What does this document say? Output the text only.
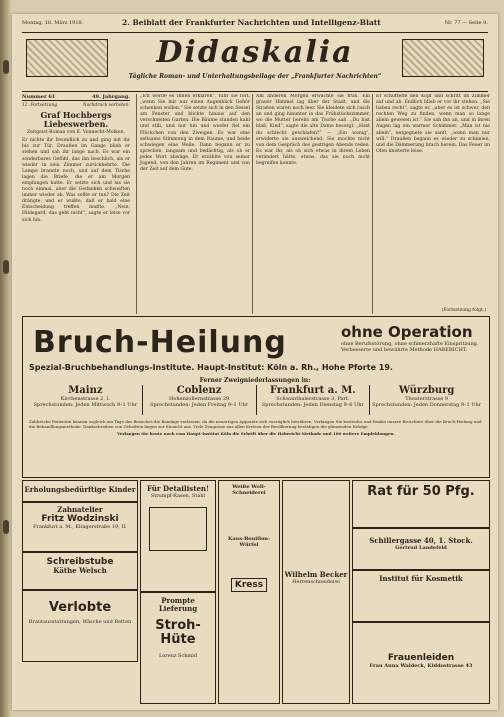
Montag, 18. März 1918.	2. Beiblatt der Frankfurter Nachrichten und Intelligenz-Blatt	Nr. 77 — Seite 9.
Didaskalia
Tägliche Roman- und Unterhaltungsbeilage der „Frankfurter Nachrichten“
Nummer 61	49. Jahrgang.
12. Fortsetzung	Nachdruck verboten.
Graf Hochbergs Liebeswerben.
Zeitgeist-Roman von E. Vonnecht-Molken.
Er nickte ihr freundlich zu und ging mit ihr bis zur Tür. Draußen im Gange blieb er stehen und sah ihr lange nach. Es war ein sonderbares Gefühl, das ihn beschlich, als er wieder in sein Zimmer zurückkehrte. Die Lampe brannte noch, und auf dem Tische lagen die Briefe, die er am Morgen empfangen hatte. Er setzte sich und las sie noch einmal, aber die Gedanken schweiften immer wieder ab. Was sollte er tun? Die Zeit drängte, und er wußte, daß er bald eine Entscheidung treffen mußte. „Nein, Hildegard, das geht nicht“, sagte er leise vor sich hin.
„Ich werde es Ihnen erklären“, fuhr sie fort, „wenn Sie mir nur einen Augenblick Gehör schenken wollen.“ Sie setzte sich in den Sessel am Fenster und blickte hinaus auf den verschneiten Garten. Die Bäume standen kahl und still, und nur hin und wieder fiel ein Flöckchen von den Zweigen. Es war eine seltsame Stimmung in dem Raume, und beide schwiegen eine Weile. Dann begann er zu sprechen, langsam und bedächtig, als ob er jedes Wort abwäge. Er erzählte von seiner Jugend, von den Jahren im Regiment und von der Zeit auf dem Gute.
Am anderen Morgen erwachte sie früh. Ein grauer Himmel lag über der Stadt, und die Straßen waren noch leer. Sie kleidete sich rasch an und ging hinunter in das Frühstückszimmer, wo die Mutter bereits am Tische saß. „Du bist blaß, Kind“, sagte die alte Dame besorgt. „Hast du schlecht geschlafen?“ — „Ein wenig“, erwiderte sie ausweichend. Sie mochte nicht von dem Gespräch des gestrigen Abends reden. Es war ihr, als ob sich etwas in ihrem Leben verändert hätte, etwas, das sie noch nicht begreifen konnte.
Er schüttelte den Kopf und schritt im Zimmer auf und ab. Endlich blieb er vor ihr stehen. „Sie haben recht“, sagte er, „aber es ist schwer, den rechten Weg zu finden, wenn man so lange allein gewesen ist.“ Sie sah ihn an, und in ihren Augen lag ein warmer Schimmer. „Man ist nie allein“, entgegnete sie sanft, „wenn man nur will.“ Draußen begann es wieder zu schneien, und die Dämmerung brach herein. Das Feuer im Ofen knisterte leise.
(Fortsetzung folgt.)
Bruch-Heilung	ohne Operation
ohne Berufsstörung, ohne schmerzhafte Einspritzung. Verbesserte und bewährte Methode HABERICHT.
Spezial-Bruchbehandlungs-Institute. Haupt-Institut: Köln a. Rh., Hohe Pforte 19.
Ferner Zweigniederlassungen in:
Mainz
Kirchenstrasse 2, I.
Sprechstunden: Jeden Mittwoch 9–1 Uhr
Coblenz
Hohenzollernstrasse 29
Sprechstunden: Jeden Freitag 9–1 Uhr
Frankfurt a. M.
Schwanthalerstrasse 3, Part.
Sprechstunden: Jeden Dienstag 9–6 Uhr
Würzburg
Theaterstrasse 9
Sprechstunden: Jeden Donnerstag 9–1 Uhr
Zahlreiche Patienten können sogleich am Tage des Besuches die Bandage verlassen, da die neuartigen Apparate sich vorzüglich bewähren. Verlangen Sie kostenlos und franko unsere Broschüre über die Bruch-Heilung und die Behandlungsmethode. Dankschreiben von Geheilten liegen zur Einsicht aus. Viele Zeugnisse aus allen Kreisen der Bevölkerung bestätigen die glänzenden Erfolge.
Verlangen Sie heute noch vom Haupt-Institut Köln die Schrift über die Habericht-Methode und 100 weitere Empfehlungen.
Erholungsbedürftige Kinder
Zahnatelier
Fritz Wodzinski
Frankfurt a. M., Klingerstraße 19, II.
Schreibstube
Käthe Welsch
Verlobte
Brautausstattungen, Wäsche und Betten
Für Detailisten!
Strumpf-Rasen, Stahl
Prompte Lieferung
Stroh-Hüte
Lorenz Schmid
Weiße Woll-Schneiderei
Kaus-Bouillon-Würfel
Kress
Wilhelm Becker
Herrenschneiderei
Rat für 50 Pfg.
Schillergasse 40, 1. Stock.
Gertrud Landefeld
Institut für Kosmetik
Frauenleiden
Frau Anna Waldeck, Kiddostrasse 43
